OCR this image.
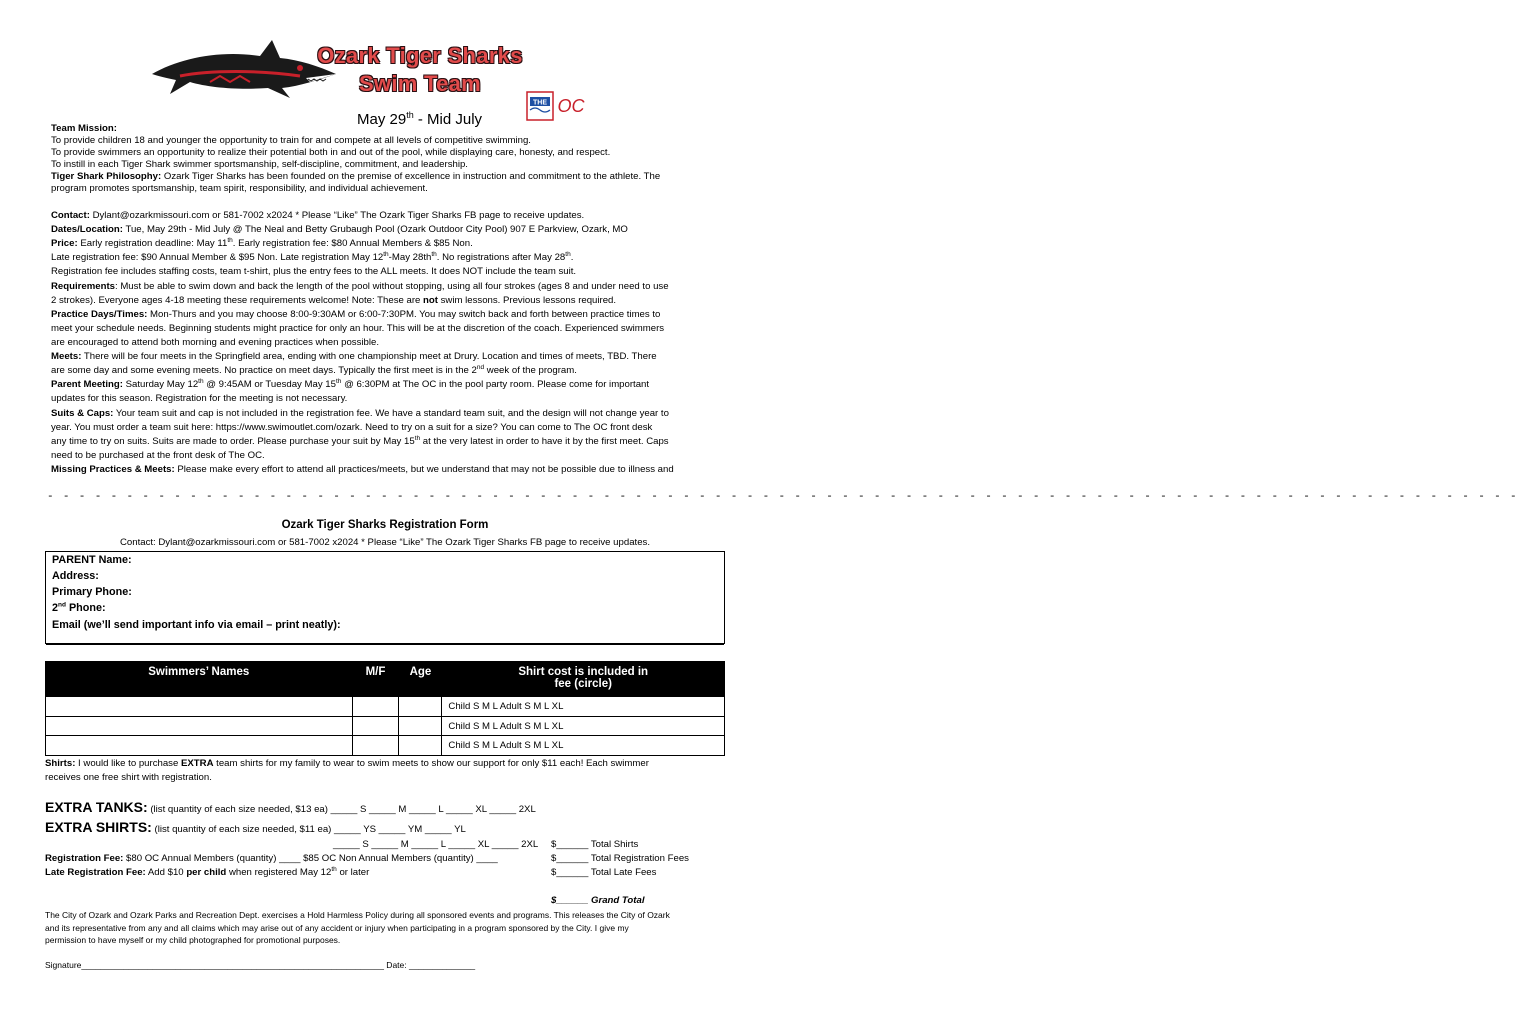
Ozark Tiger Sharks
Swim Team
THE OC
May 29th - Mid July
Team Mission:
To provide children 18 and younger the opportunity to train for and compete at all levels of competitive swimming.
To provide swimmers an opportunity to realize their potential both in and out of the pool, while displaying care, honesty, and respect.
To instill in each Tiger Shark swimmer sportsmanship, self-discipline, commitment, and leadership.
Tiger Shark Philosophy: Ozark Tiger Sharks has been founded on the premise of excellence in instruction and commitment to the athlete. The
program promotes sportsmanship, team spirit, responsibility, and individual achievement.
Contact: Dylant@ozarkmissouri.com or 581-7002 x2024 * Please “Like” The Ozark Tiger Sharks FB page to receive updates.
Dates/Location: Tue, May 29th - Mid July @ The Neal and Betty Grubaugh Pool (Ozark Outdoor City Pool) 907 E Parkview, Ozark, MO
Price: Early registration deadline: May 11th. Early registration fee: $80 Annual Members & $85 Non.
Late registration fee: $90 Annual Member & $95 Non. Late registration May 12th-May $28th^{th}$. No registrations after May 28th.
Registration fee includes staffing costs, team t-shirt, plus the entry fees to the ALL meets. It does NOT include the team suit.
Requirements: Must be able to swim down and back the length of the pool without stopping, using all four strokes (ages 8 and under need to use
2 strokes). Everyone ages 4-18 meeting these requirements welcome! Note: These are not swim lessons. Previous lessons required.
Practice Days/Times: Mon-Thurs and you may choose 8:00-9:30AM or 6:00-7:30PM. You may switch back and forth between practice times to
meet your schedule needs. Beginning students might practice for only an hour. This will be at the discretion of the coach. Experienced swimmers
are encouraged to attend both morning and evening practices when possible.
Meets: There will be four meets in the Springfield area, ending with one championship meet at Drury. Location and times of meets, TBD. There
are some day and some evening meets. No practice on meet days. Typically the first meet is in the 2nd week of the program.
Parent Meeting: Saturday May 12th @ 9:45AM or Tuesday May 15th @ 6:30PM at The OC in the pool party room. Please come for important
updates for this season. Registration for the meeting is not necessary.
Suits & Caps: Your team suit and cap is not included in the registration fee. We have a standard team suit, and the design will not change year to
year. You must order a team suit here: https://www.swimoutlet.com/ozark. Need to try on a suit for a size? You can come to The OC front desk
any time to try on suits. Suits are made to order. Please purchase your suit by May 15th at the very latest in order to have it by the first meet. Caps
need to be purchased at the front desk of The OC.
Missing Practices & Meets: Please make every effort to attend all practices/meets, but we understand that may not be possible due to illness and
- - - - - - - - - - - - - - - - - - - - - - - - - - - - - - - - - - - - - - - - - - - - - - - - - - - - - - - - - - - - - - - - - - - - - - - - - - - - - - - - - - - - - - - - - - - - -
Ozark Tiger Sharks Registration Form
Contact: Dylant@ozarkmissouri.com or 581-7002 x2024 * Please “Like” The Ozark Tiger Sharks FB page to receive updates.
PARENT Name:
Address:
Primary Phone:
2nd Phone:
Email (we’ll send important info via email – print neatly):
Swimmers’ Names	M/F	Age	Shirt cost is included in
fee (circle)

			Child S M L Adult S M L XL
			Child S M L Adult S M L XL
			Child S M L Adult S M L XL
Shirts: I would like to purchase EXTRA team shirts for my family to wear to swim meets to show our support for only $11 each! Each swimmer
receives one free shirt with registration.
EXTRA TANKS: (list quantity of each size needed, $13 ea) _____ S _____ M _____ L _____ XL _____ 2XL
EXTRA SHIRTS: (list quantity of each size needed, $11 ea) _____ YS _____ YM _____ YL
_____ S _____ M _____ L _____ XL _____ 2XL $______ Total Shirts
Registration Fee: $80 OC Annual Members (quantity) ____ $85 OC Non Annual Members (quantity) ____	$______ Total Registration Fees
Late Registration Fee: Add $10 per child when registered May 12th or later	$______ Total Late Fees
$______ Grand Total
The City of Ozark and Ozark Parks and Recreation Dept. exercises a Hold Harmless Policy during all sponsored events and programs. This releases the City of Ozark
and its representative from any and all claims which may arise out of any accident or injury when participating in a program sponsored by the City. I give my
permission to have myself or my child photographed for promotional purposes.
Signature________________________________________________________________ Date: ______________
